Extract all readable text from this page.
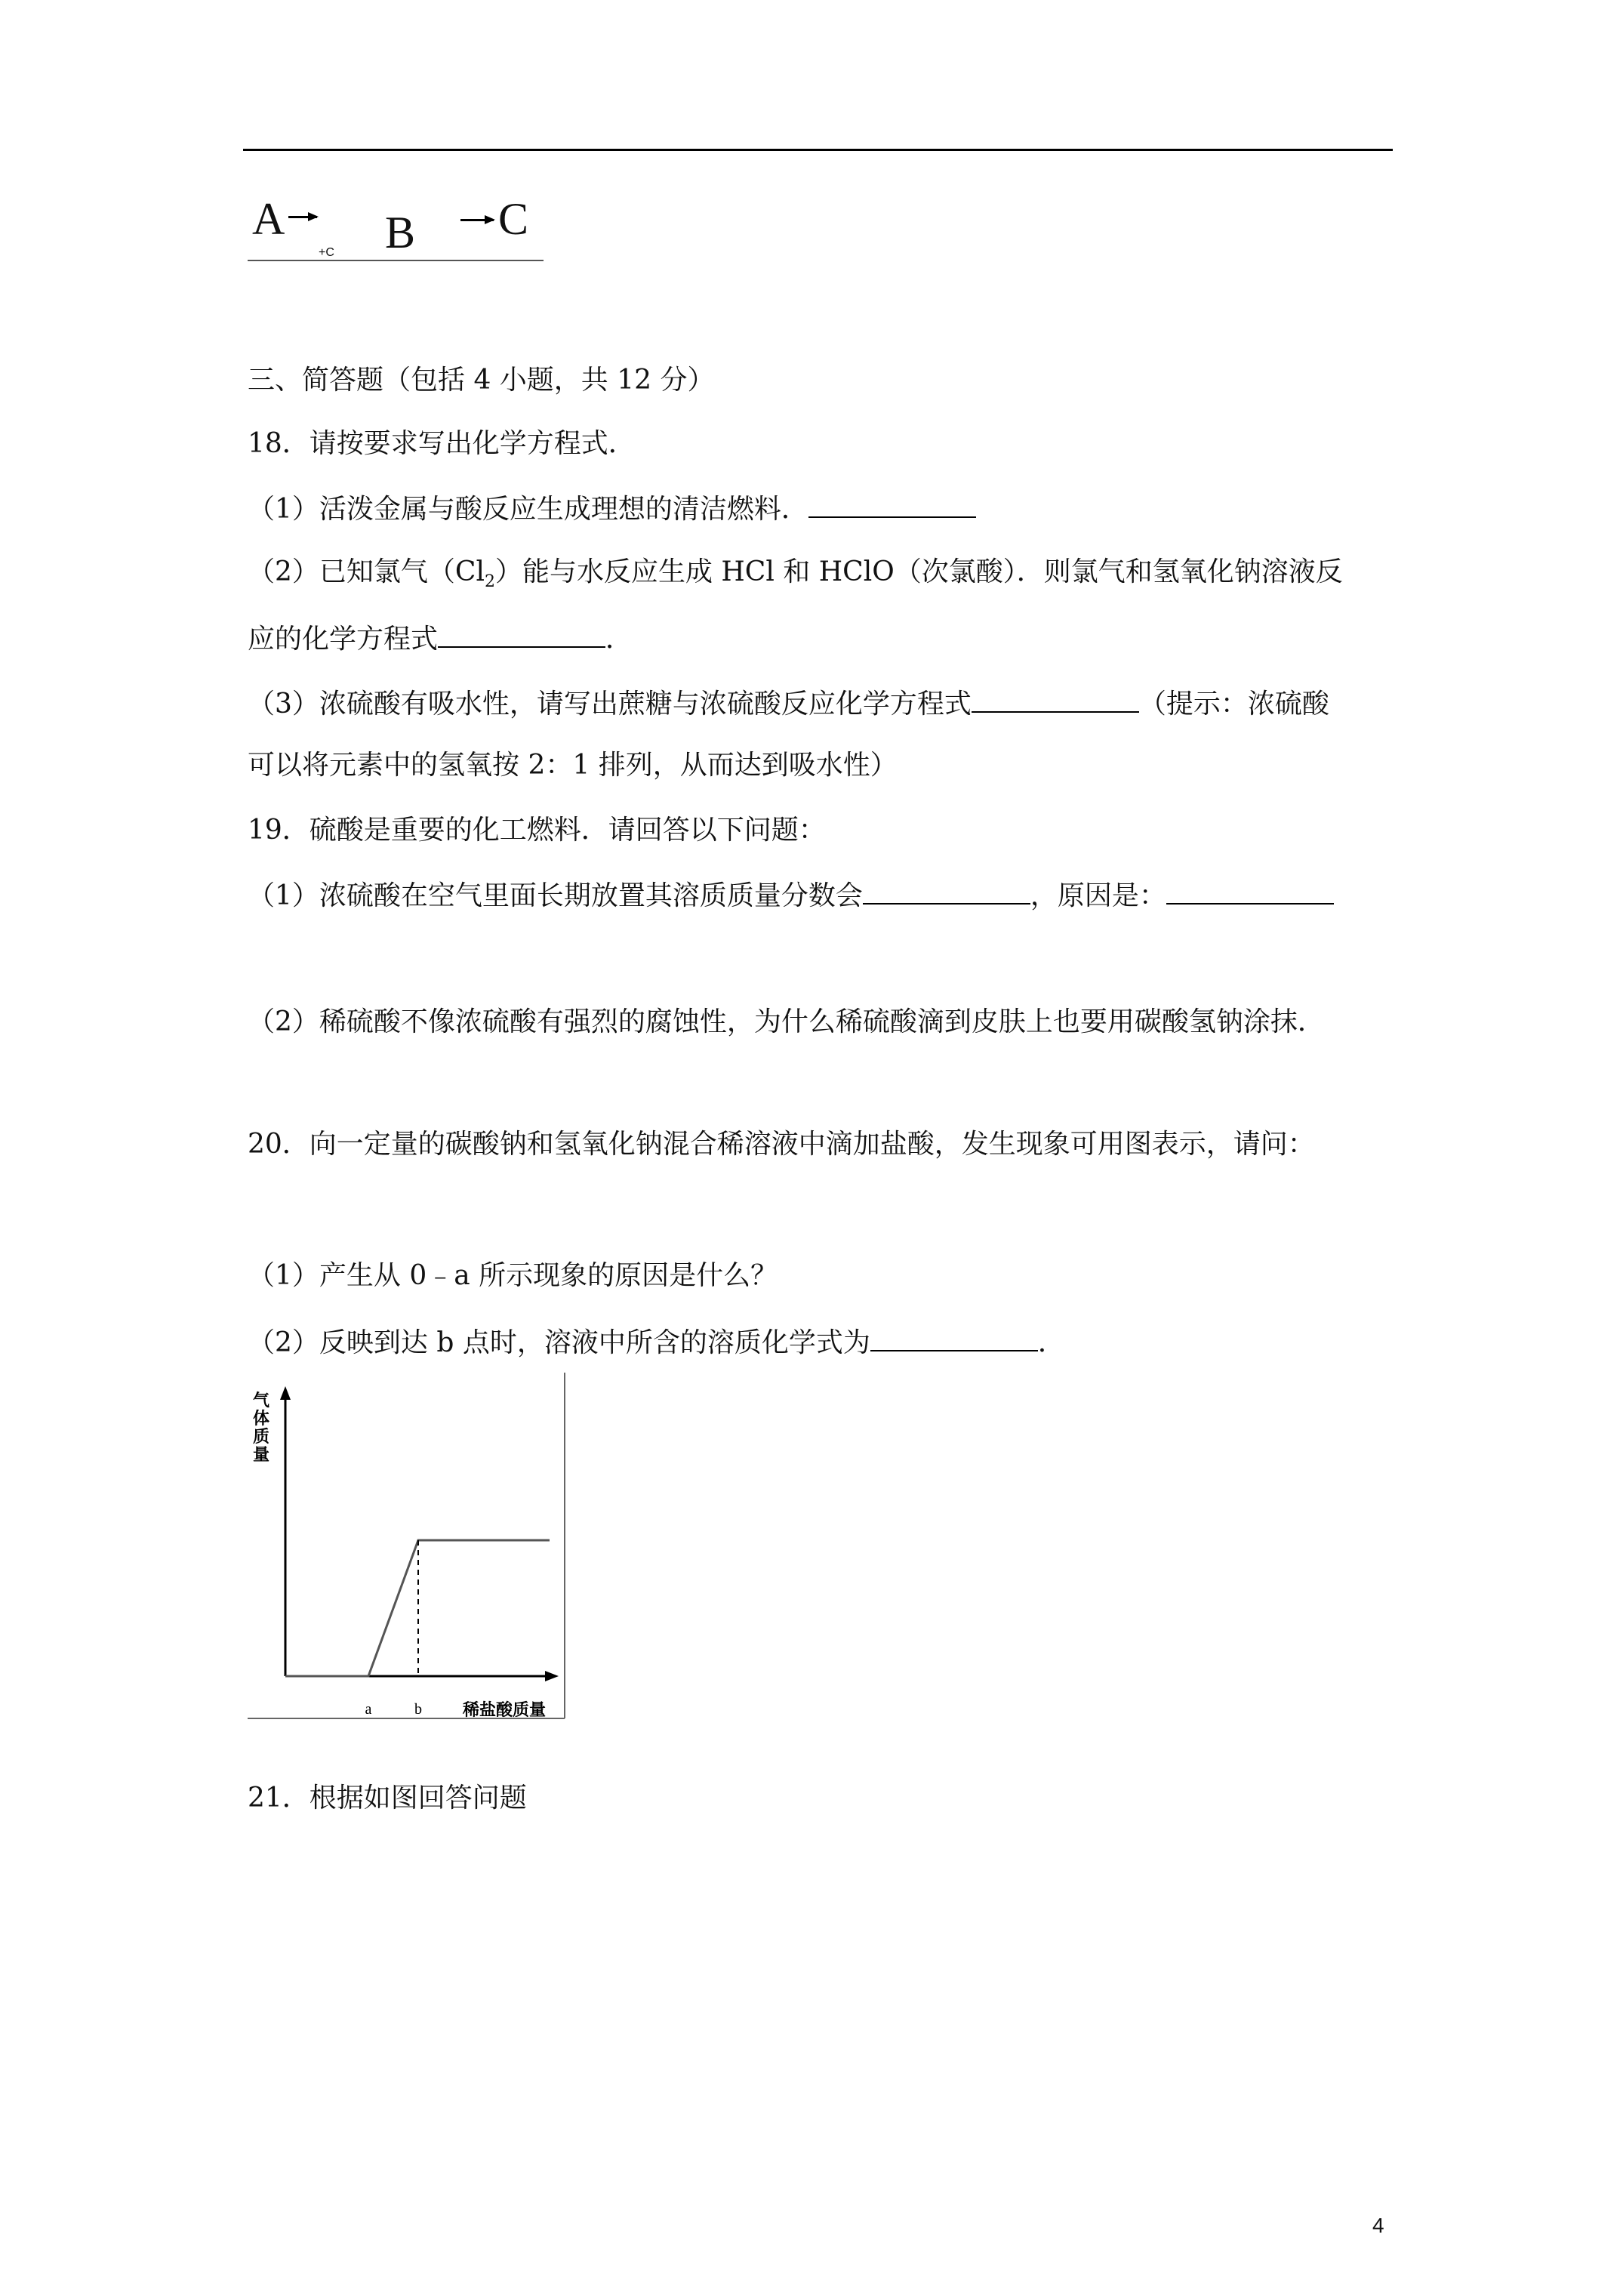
A
+C B C
三、简答题（包括 4 小题，共 12 分）
18．请按要求写出化学方程式．
（1）活泼金属与酸反应生成理想的清洁燃料．
（2）已知氯气$(Cl_2)$能与水反应生成 HCl 和 HClO（次氯酸）．则氯气和氢氧化钠溶液反
应的化学方程式	．
（3）浓硫酸有吸水性，请写出蔗糖与浓硫酸反应化学方程式	（提示：浓硫酸
可以将元素中的氢氧按 2：1 排列，从而达到吸水性）
19．硫酸是重要的化工燃料．请回答以下问题：
（1）浓硫酸在空气里面长期放置其溶质质量分数会	，原因是：
（2）稀硫酸不像浓硫酸有强烈的腐蚀性，为什么稀硫酸滴到皮肤上也要用碳酸氢钠涂抹．
20．向一定量的碳酸钠和氢氧化钠混合稀溶液中滴加盐酸，发生现象可用图表示，请问：
（1）产生从 0﹣a 所示现象的原因是什么？
（2）反映到达 b 点时，溶液中所含的溶质化学式为	．
气
体
质
量
a	b 稀盐酸质量
21．根据如图回答问题
4
